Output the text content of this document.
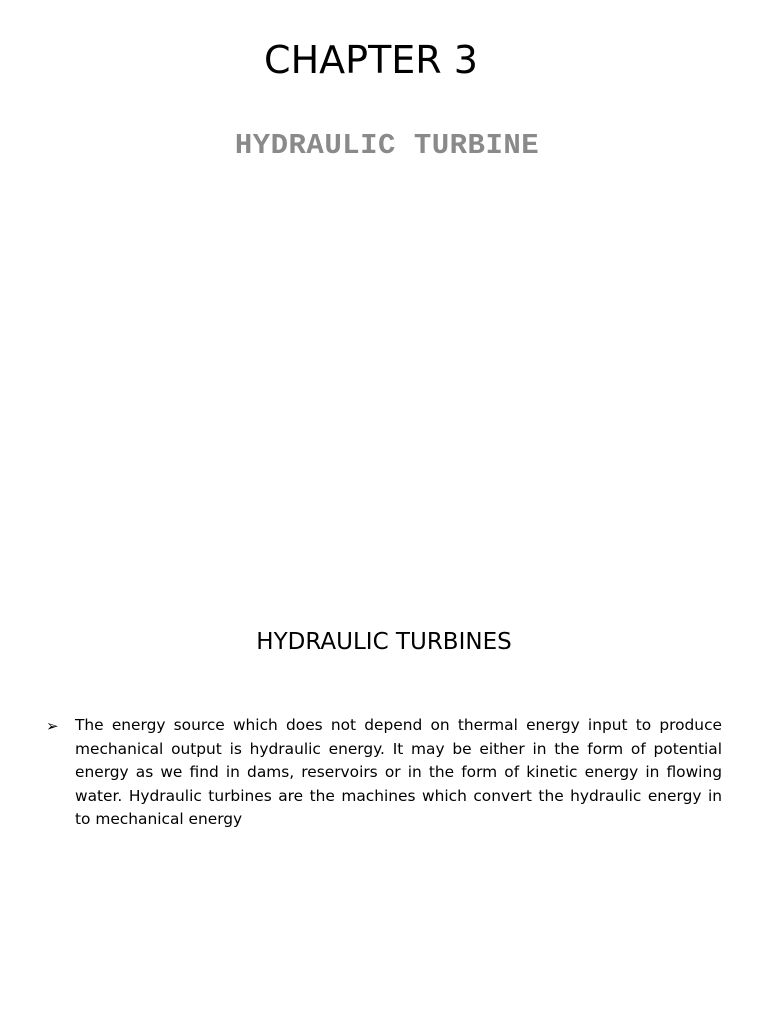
CHAPTER 3
HYDRAULIC TURBINE
HYDRAULIC TURBINES
➢ The energy source which does not depend on thermal energy input to produce mechanical output is hydraulic energy. It may be either in the form of potential energy as we find in dams, reservoirs or in the form of kinetic energy in flowing water. Hydraulic turbines are the machines which convert the hydraulic energy in to mechanical energy
